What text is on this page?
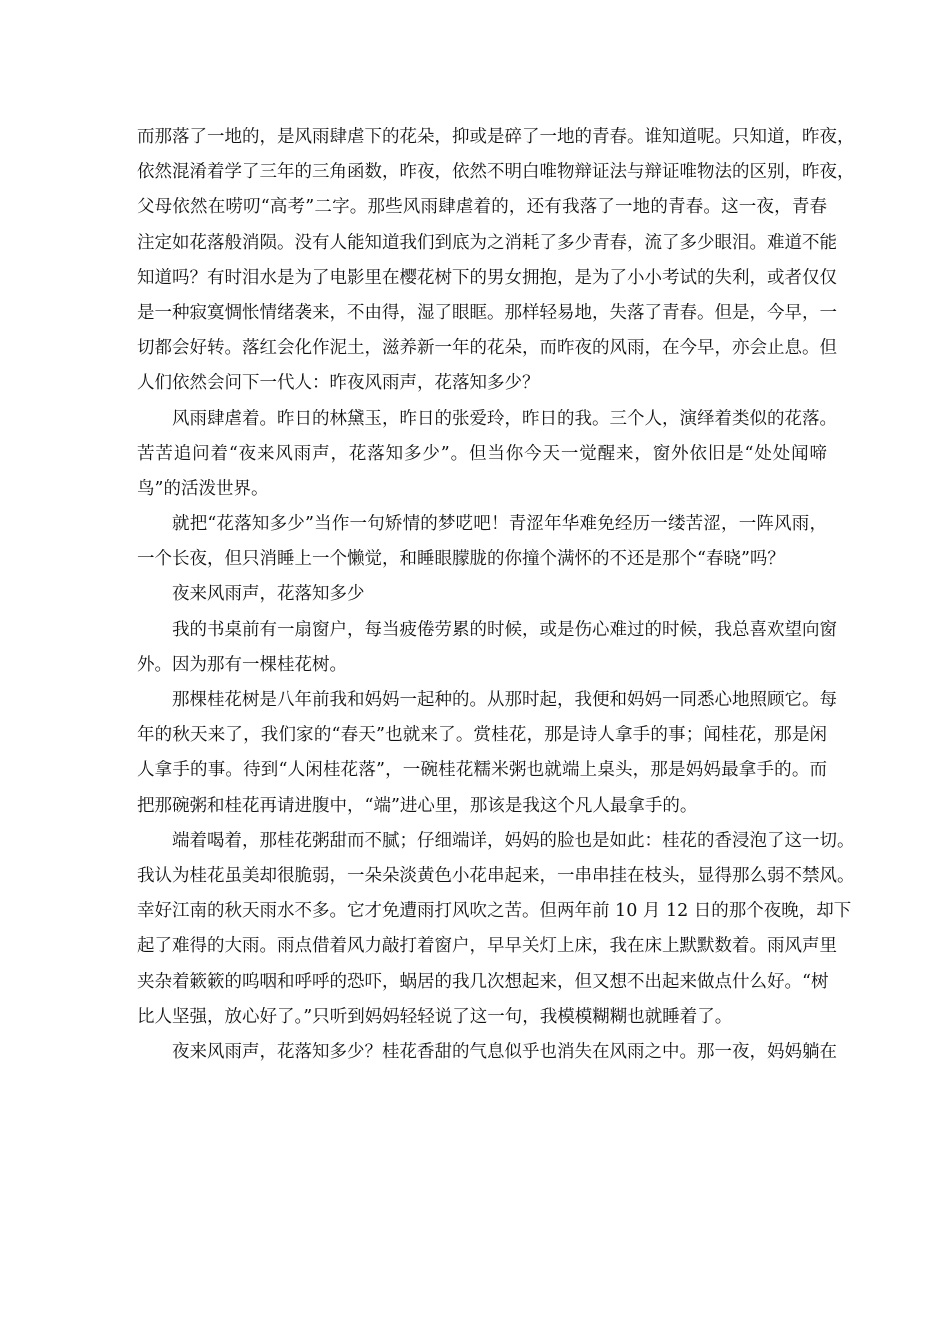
而那落了一地的，是风雨肆虐下的花朵，抑或是碎了一地的青春。谁知道呢。只知道，昨夜，
依然混淆着学了三年的三角函数，昨夜，依然不明白唯物辩证法与辩证唯物法的区别，昨夜，
父母依然在唠叨“高考”二字。那些风雨肆虐着的，还有我落了一地的青春。这一夜，青春
注定如花落般消陨。没有人能知道我们到底为之消耗了多少青春，流了多少眼泪。难道不能
知道吗？有时泪水是为了电影里在樱花树下的男女拥抱，是为了小小考试的失利，或者仅仅
是一种寂寞惆怅情绪袭来，不由得，湿了眼眶。那样轻易地，失落了青春。但是，今早，一
切都会好转。落红会化作泥土，滋养新一年的花朵，而昨夜的风雨，在今早，亦会止息。但
人们依然会问下一代人：昨夜风雨声，花落知多少？
风雨肆虐着。昨日的林黛玉，昨日的张爱玲，昨日的我。三个人，演绎着类似的花落。
苦苦追问着“夜来风雨声，花落知多少”。但当你今天一觉醒来，窗外依旧是“处处闻啼
鸟”的活泼世界。
就把“花落知多少”当作一句矫情的梦呓吧！青涩年华难免经历一缕苦涩，一阵风雨，
一个长夜，但只消睡上一个懒觉，和睡眼朦胧的你撞个满怀的不还是那个“春晓”吗？
夜来风雨声，花落知多少
我的书桌前有一扇窗户，每当疲倦劳累的时候，或是伤心难过的时候，我总喜欢望向窗
外。因为那有一棵桂花树。
那棵桂花树是八年前我和妈妈一起种的。从那时起，我便和妈妈一同悉心地照顾它。每
年的秋天来了，我们家的“春天”也就来了。赏桂花，那是诗人拿手的事；闻桂花，那是闲
人拿手的事。待到“人闲桂花落”，一碗桂花糯米粥也就端上桌头，那是妈妈最拿手的。而
把那碗粥和桂花再请进腹中，“端”进心里，那该是我这个凡人最拿手的。
端着喝着，那桂花粥甜而不腻；仔细端详，妈妈的脸也是如此：桂花的香浸泡了这一切。
我认为桂花虽美却很脆弱，一朵朵淡黄色小花串起来，一串串挂在枝头，显得那么弱不禁风。
幸好江南的秋天雨水不多。它才免遭雨打风吹之苦。但两年前 10 月 12 日的那个夜晚，却下
起了难得的大雨。雨点借着风力敲打着窗户，早早关灯上床，我在床上默默数着。雨风声里
夹杂着簌簌的呜咽和呼呼的恐吓，蜗居的我几次想起来，但又想不出起来做点什么好。“树
比人坚强，放心好了。”只听到妈妈轻轻说了这一句，我模模糊糊也就睡着了。
夜来风雨声，花落知多少？桂花香甜的气息似乎也消失在风雨之中。那一夜，妈妈躺在
